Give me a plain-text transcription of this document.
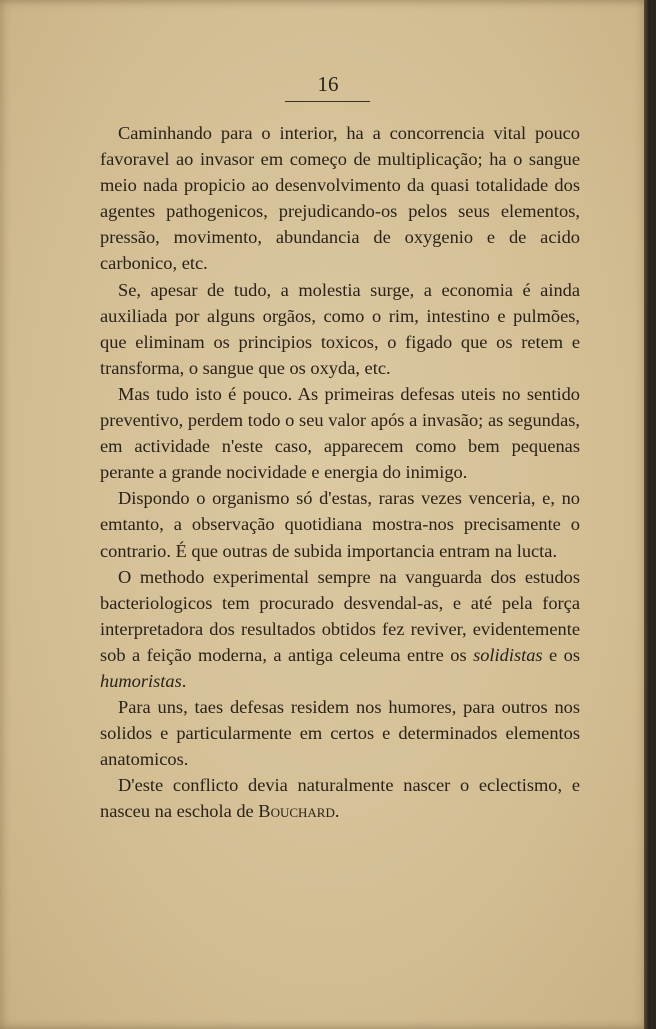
16

Caminhando para o interior, ha a concorrencia vital pouco favoravel ao invasor em começo de multiplicação; ha o sangue meio nada propicio ao desenvolvimento da quasi totalidade dos agentes pathogenicos, prejudicando-os pelos seus elementos, pressão, movimento, abundancia de oxygenio e de acido carbonico, etc.

Se, apesar de tudo, a molestia surge, a economia é ainda auxiliada por alguns orgãos, como o rim, intestino e pulmões, que eliminam os principios toxicos, o figado que os retem e transforma, o sangue que os oxyda, etc.

Mas tudo isto é pouco. As primeiras defesas uteis no sentido preventivo, perdem todo o seu valor após a invasão; as segundas, em actividade n'este caso, apparecem como bem pequenas perante a grande nocividade e energia do inimigo.

Dispondo o organismo só d'estas, raras vezes venceria, e, no emtanto, a observação quotidiana mostra-nos precisamente o contrario. É que outras de subida importancia entram na lucta.

O methodo experimental sempre na vanguarda dos estudos bacteriologicos tem procurado desvendal-as, e até pela força interpretadora dos resultados obtidos fez reviver, evidentemente sob a feição moderna, a antiga celeuma entre os solidistas e os humoristas.

Para uns, taes defesas residem nos humores, para outros nos solidos e particularmente em certos e determinados elementos anatomicos.

D'este conflicto devia naturalmente nascer o eclectismo, e nasceu na eschola de Bouchard.
